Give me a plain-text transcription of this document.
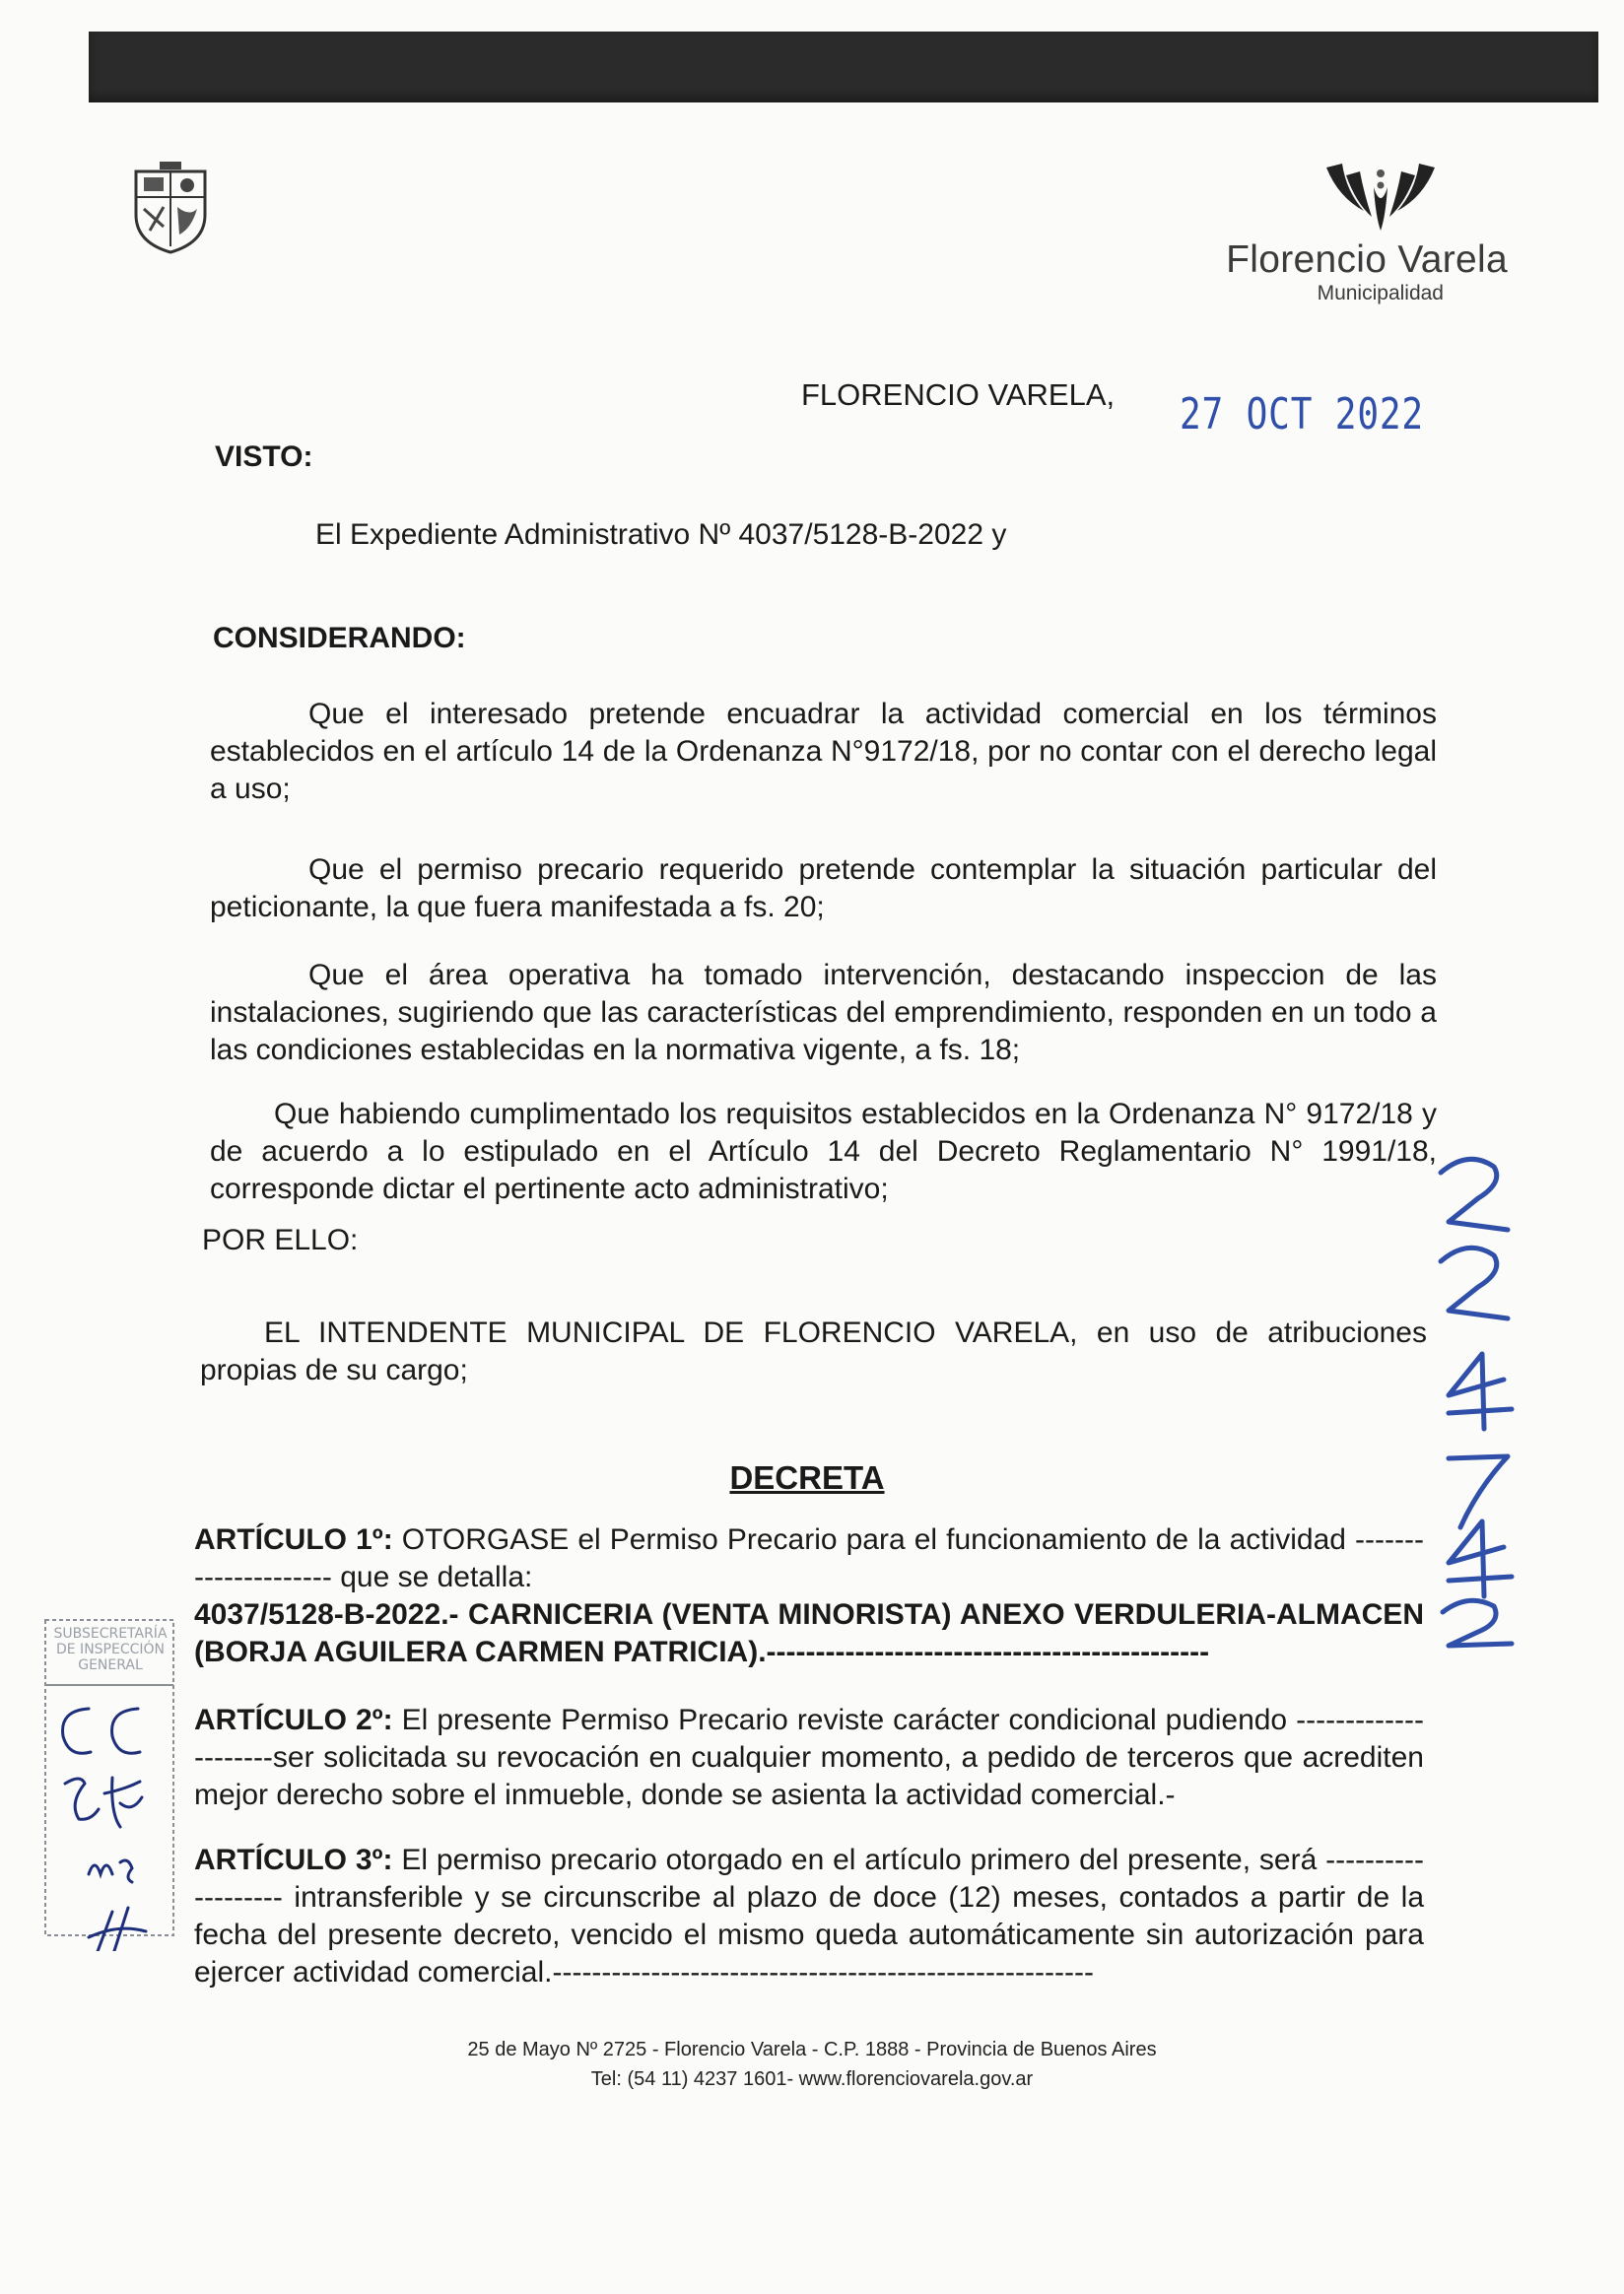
Florencio Varela
Municipalidad
FLORENCIO VARELA, 27 OCT 2022
VISTO:
El Expediente Administrativo Nº 4037/5128-B-2022 y
CONSIDERANDO:
Que el interesado pretende encuadrar la actividad comercial en los términos establecidos en el artículo 14 de la Ordenanza N°9172/18, por no contar con el derecho legal a uso;
Que el permiso precario requerido pretende contemplar la situación particular del peticionante, la que fuera manifestada a fs. 20;
Que el área operativa ha tomado intervención, destacando inspeccion de las instalaciones, sugiriendo que las características del emprendimiento, responden en un todo a las condiciones establecidas en la normativa vigente, a fs. 18;
Que habiendo cumplimentado los requisitos establecidos en la Ordenanza N° 9172/18 y de acuerdo a lo estipulado en el Artículo 14 del Decreto Reglamentario N° 1991/18, corresponde dictar el pertinente acto administrativo;
POR ELLO:
EL INTENDENTE MUNICIPAL DE FLORENCIO VARELA, en uso de atribuciones propias de su cargo;
DECRETA
ARTÍCULO 1º: OTORGASE el Permiso Precario para el funcionamiento de la actividad --------------------- que se detalla:
4037/5128-B-2022.- CARNICERIA (VENTA MINORISTA) ANEXO VERDULERIA-ALMACEN (BORJA AGUILERA CARMEN PATRICIA).---------------------------------------------
ARTÍCULO 2º: El presente Permiso Precario reviste carácter condicional pudiendo ---------------------ser solicitada su revocación en cualquier momento, a pedido de terceros que acrediten mejor derecho sobre el inmueble, donde se asienta la actividad comercial.-
ARTÍCULO 3º: El permiso precario otorgado en el artículo primero del presente, será ------------------- intransferible y se circunscribe al plazo de doce (12) meses, contados a partir de la fecha del presente decreto, vencido el mismo queda automáticamente sin autorización para ejercer actividad comercial.-------------------------------------------------------
SUBSECRETARÍA DE INSPECCIÓN GENERAL
25 de Mayo Nº 2725 - Florencio Varela - C.P. 1888 - Provincia de Buenos Aires
Tel: (54 11) 4237 1601- www.florenciovarela.gov.ar
